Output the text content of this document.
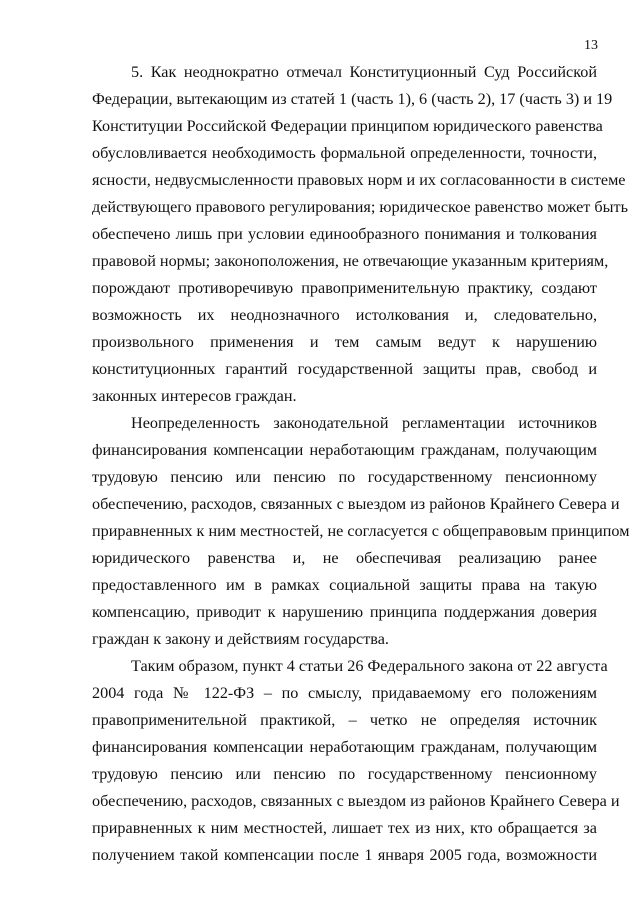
13
5. Как неоднократно отмечал Конституционный Суд Российской
Федерации, вытекающим из статей 1 (часть 1), 6 (часть 2), 17 (часть 3) и 19
Конституции Российской Федерации принципом юридического равенства
обусловливается необходимость формальной определенности, точности,
ясности, недвусмысленности правовых норм и их согласованности в системе
действующего правового регулирования; юридическое равенство может быть
обеспечено лишь при условии единообразного понимания и толкования
правовой нормы; законоположения, не отвечающие указанным критериям,
порождают противоречивую правоприменительную практику, создают
возможность их неоднозначного истолкования и, следовательно,
произвольного применения и тем самым ведут к нарушению
конституционных гарантий государственной защиты прав, свобод и
законных интересов граждан.
Неопределенность законодательной регламентации источников
финансирования компенсации неработающим гражданам, получающим
трудовую пенсию или пенсию по государственному пенсионному
обеспечению, расходов, связанных с выездом из районов Крайнего Севера и
приравненных к ним местностей, не согласуется с общеправовым принципом
юридического равенства и, не обеспечивая реализацию ранее
предоставленного им в рамках социальной защиты права на такую
компенсацию, приводит к нарушению принципа поддержания доверия
граждан к закону и действиям государства.
Таким образом, пункт 4 статьи 26 Федерального закона от 22 августа
2004 года № 122-ФЗ – по смыслу, придаваемому его положениям
правоприменительной практикой, – четко не определяя источник
финансирования компенсации неработающим гражданам, получающим
трудовую пенсию или пенсию по государственному пенсионному
обеспечению, расходов, связанных с выездом из районов Крайнего Севера и
приравненных к ним местностей, лишает тех из них, кто обращается за
получением такой компенсации после 1 января 2005 года, возможности
